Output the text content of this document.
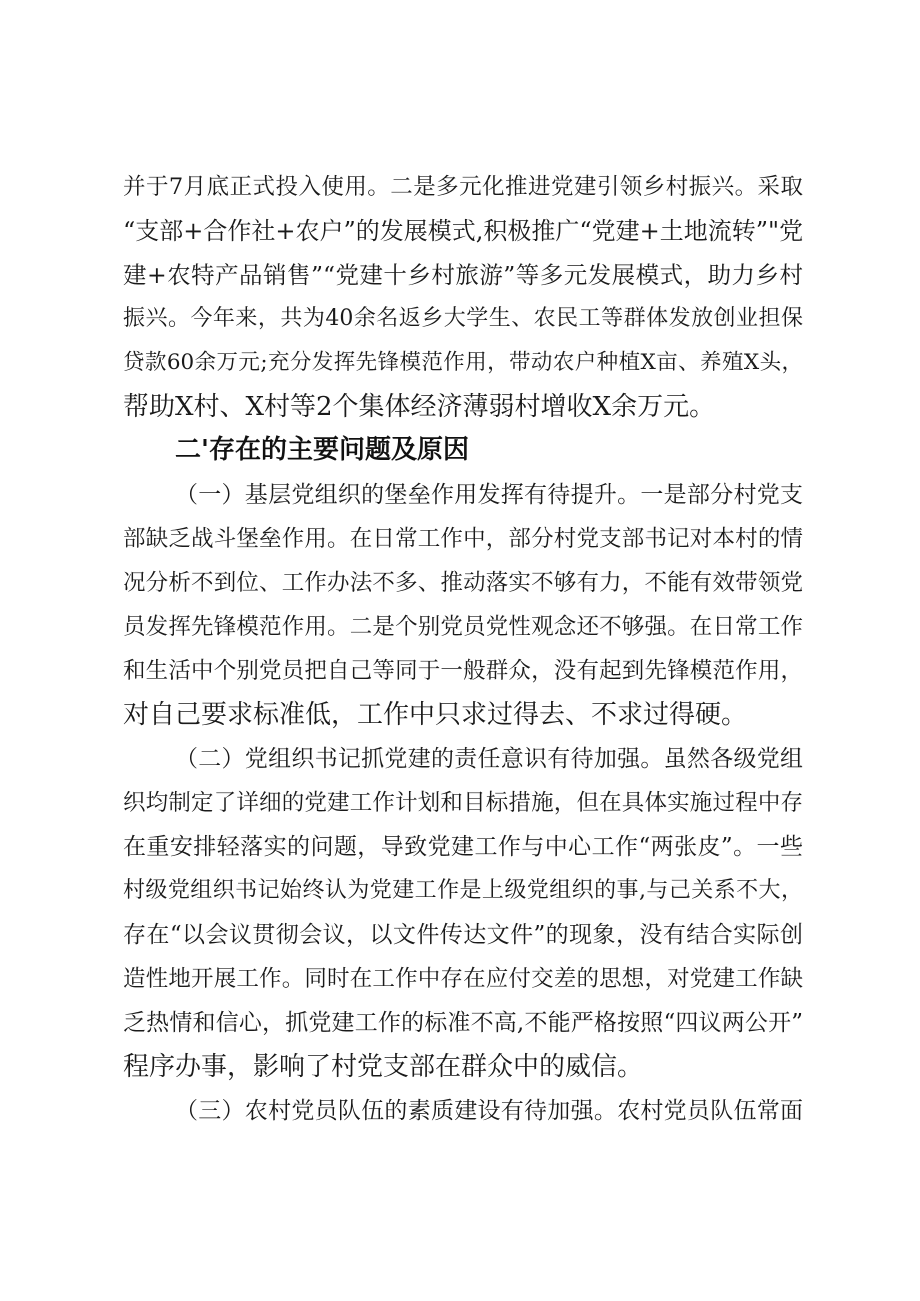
并于7月底正式投入使用。二是多元化推进党建引领乡村振兴。采取
“支部+合作社+农户”的发展模式,积极推广“党建+土地流转”"党
建+农特产品销售”“党建十乡村旅游”等多元发展模式，助力乡村
振兴。今年来，共为40余名返乡大学生、农民工等群体发放创业担保
贷款60余万元;充分发挥先锋模范作用，带动农户种植X亩、养殖X头，
帮助X村、X村等2个集体经济薄弱村增收X余万元。
二'存在的主要问题及原因
（一）基层党组织的堡垒作用发挥有待提升。一是部分村党支
部缺乏战斗堡垒作用。在日常工作中，部分村党支部书记对本村的情
况分析不到位、工作办法不多、推动落实不够有力，不能有效带领党
员发挥先锋模范作用。二是个别党员党性观念还不够强。在日常工作
和生活中个别党员把自己等同于一般群众，没有起到先锋模范作用，
对自己要求标准低，工作中只求过得去、不求过得硬。
（二）党组织书记抓党建的责任意识有待加强。虽然各级党组
织均制定了详细的党建工作计划和目标措施，但在具体实施过程中存
在重安排轻落实的问题，导致党建工作与中心工作“两张皮”。一些
村级党组织书记始终认为党建工作是上级党组织的事,与己关系不大，
存在“以会议贯彻会议，以文件传达文件”的现象，没有结合实际创
造性地开展工作。同时在工作中存在应付交差的思想，对党建工作缺
乏热情和信心，抓党建工作的标准不高,不能严格按照“四议两公开”
程序办事，影响了村党支部在群众中的威信。
（三）农村党员队伍的素质建设有待加强。农村党员队伍常面
